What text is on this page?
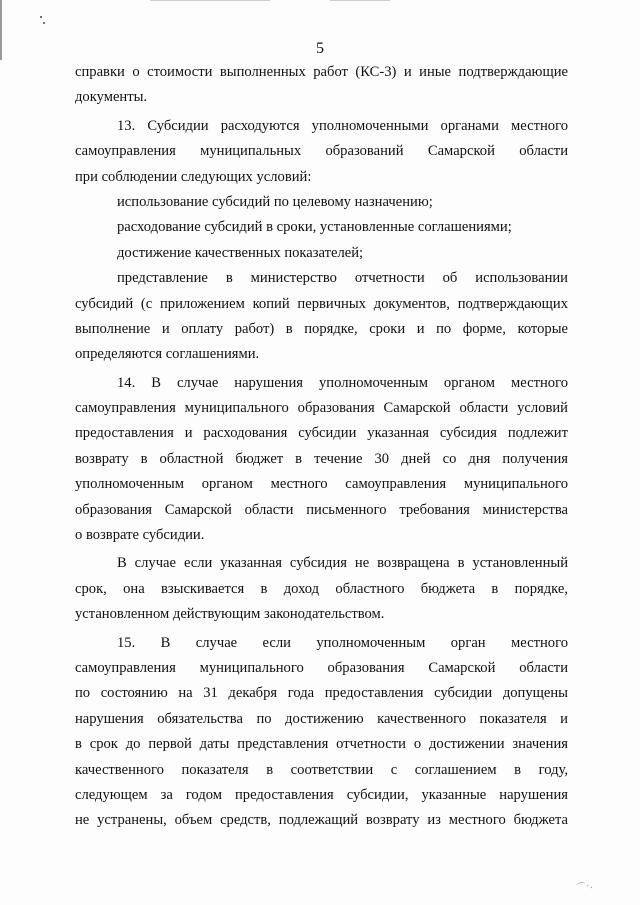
5
справки о стоимости выполненных работ (КС-3) и иные подтверждающие
документы.
13. Субсидии расходуются уполномоченными органами местного
самоуправления муниципальных образований Самарской области
при соблюдении следующих условий:
использование субсидий по целевому назначению;
расходование субсидий в сроки, установленные соглашениями;
достижение качественных показателей;
представление в министерство отчетности об использовании
субсидий (с приложением копий первичных документов, подтверждающих
выполнение и оплату работ) в порядке, сроки и по форме, которые
определяются соглашениями.
14. В случае нарушения уполномоченным органом местного
самоуправления муниципального образования Самарской области условий
предоставления и расходования субсидии указанная субсидия подлежит
возврату в областной бюджет в течение 30 дней со дня получения
уполномоченным органом местного самоуправления муниципального
образования Самарской области письменного требования министерства
о возврате субсидии.
В случае если указанная субсидия не возвращена в установленный
срок, она взыскивается в доход областного бюджета в порядке,
установленном действующим законодательством.
15. В случае если уполномоченным орган местного
самоуправления муниципального образования Самарской области
по состоянию на 31 декабря года предоставления субсидии допущены
нарушения обязательства по достижению качественного показателя и
в срок до первой даты представления отчетности о достижении значения
качественного показателя в соответствии с соглашением в году,
следующем за годом предоставления субсидии, указанные нарушения
не устранены, объем средств, подлежащий возврату из местного бюджета
⌒·.
